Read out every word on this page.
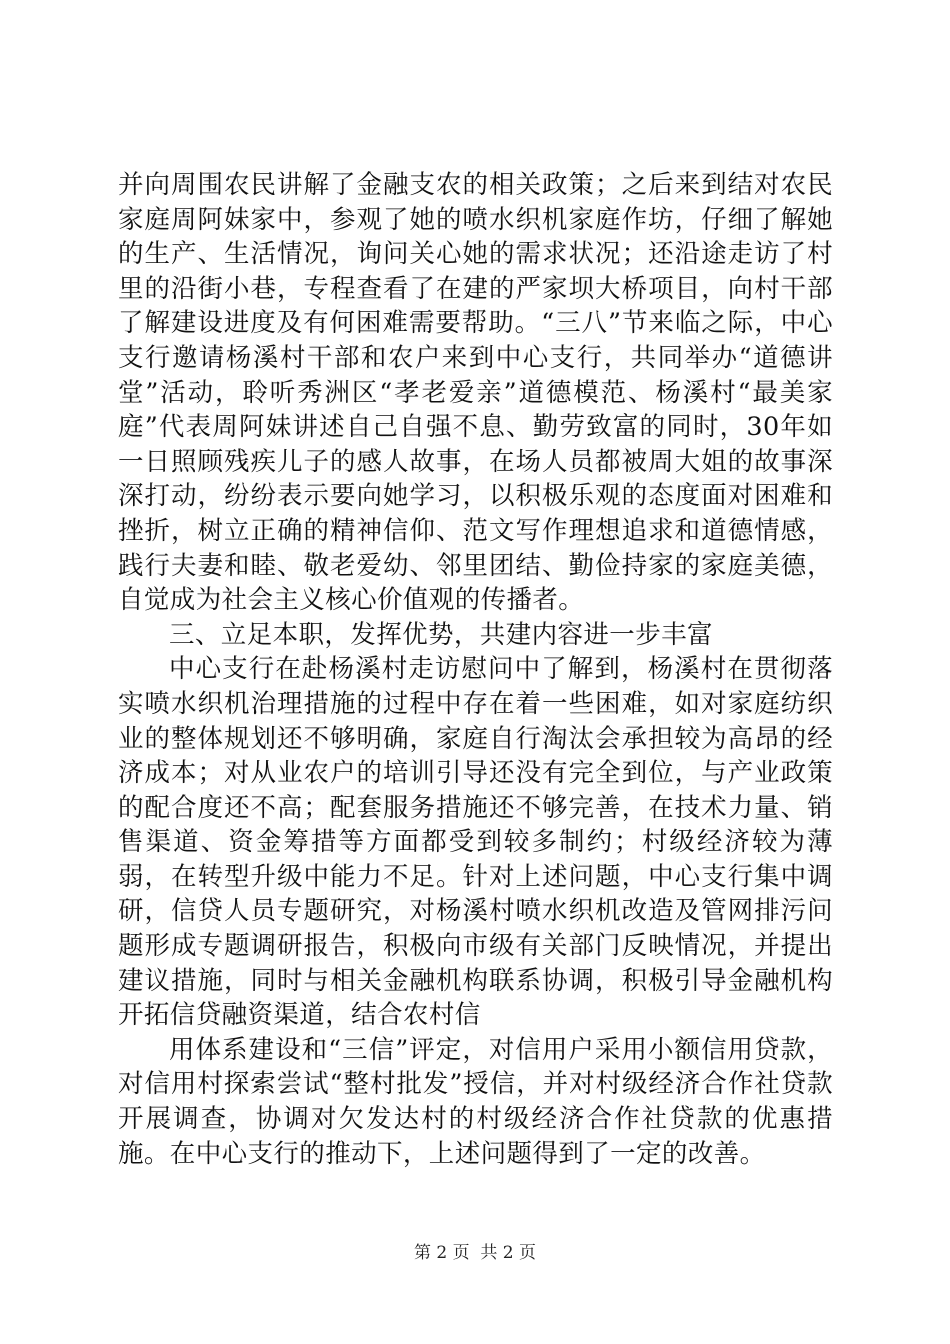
并向周围农民讲解了金融支农的相关政策；之后来到结对农民家庭周阿妹家中，参观了她的喷水织机家庭作坊，仔细了解她的生产、生活情况，询问关心她的需求状况；还沿途走访了村里的沿街小巷，专程查看了在建的严家坝大桥项目，向村干部了解建设进度及有何困难需要帮助。“三八”节来临之际，中心支行邀请杨溪村干部和农户来到中心支行，共同举办“道德讲堂”活动，聆听秀洲区“孝老爱亲”道德模范、杨溪村“最美家庭”代表周阿妹讲述自己自强不息、勤劳致富的同时，30年如一日照顾残疾儿子的感人故事，在场人员都被周大姐的故事深深打动，纷纷表示要向她学习，以积极乐观的态度面对困难和挫折，树立正确的精神信仰、范文写作理想追求和道德情感，践行夫妻和睦、敬老爱幼、邻里团结、勤俭持家的家庭美德，自觉成为社会主义核心价值观的传播者。

三、立足本职，发挥优势，共建内容进一步丰富

中心支行在赴杨溪村走访慰问中了解到，杨溪村在贯彻落实喷水织机治理措施的过程中存在着一些困难，如对家庭纺织业的整体规划还不够明确，家庭自行淘汰会承担较为高昂的经济成本；对从业农户的培训引导还没有完全到位，与产业政策的配合度还不高；配套服务措施还不够完善，在技术力量、销售渠道、资金筹措等方面都受到较多制约；村级经济较为薄弱，在转型升级中能力不足。针对上述问题，中心支行集中调研，信贷人员专题研究，对杨溪村喷水织机改造及管网排污问题形成专题调研报告，积极向市级有关部门反映情况，并提出建议措施，同时与相关金融机构联系协调，积极引导金融机构开拓信贷融资渠道，结合农村信

用体系建设和“三信”评定，对信用户采用小额信用贷款，对信用村探索尝试“整村批发”授信，并对村级经济合作社贷款开展调查，协调对欠发达村的村级经济合作社贷款的优惠措施。在中心支行的推动下，上述问题得到了一定的改善。

第 2 页  共 2 页
